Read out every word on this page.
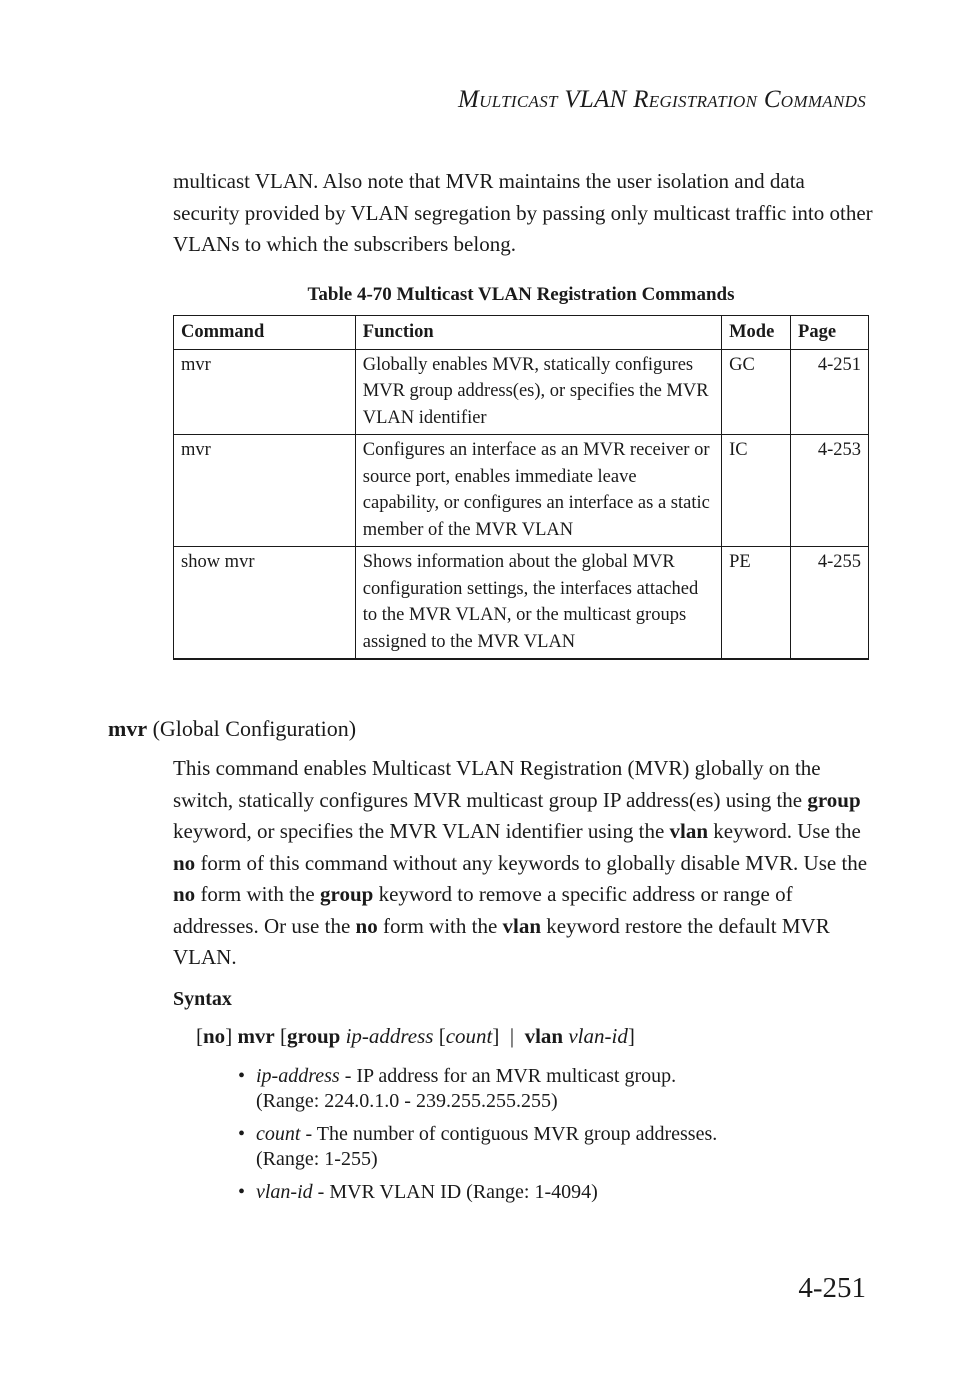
MULTICAST VLAN REGISTRATION COMMANDS

multicast VLAN. Also note that MVR maintains the user isolation and data security provided by VLAN segregation by passing only multicast traffic into other VLANs to which the subscribers belong.

Table 4-70 Multicast VLAN Registration Commands
Command	Function	Mode	Page
mvr	Globally enables MVR, statically configures MVR group address(es), or specifies the MVR VLAN identifier	GC	4-251
mvr	Configures an interface as an MVR receiver or source port, enables immediate leave capability, or configures an interface as a static member of the MVR VLAN	IC	4-253
show mvr	Shows information about the global MVR configuration settings, the interfaces attached to the MVR VLAN, or the multicast groups assigned to the MVR VLAN	PE	4-255
mvr (Global Configuration)

This command enables Multicast VLAN Registration (MVR) globally on the switch, statically configures MVR multicast group IP address(es) using the group keyword, or specifies the MVR VLAN identifier using the vlan keyword. Use the no form of this command without any keywords to globally disable MVR. Use the no form with the group keyword to remove a specific address or range of addresses. Or use the no form with the vlan keyword restore the default MVR VLAN.

Syntax
[no] mvr [group ip-address [count]  |  vlan vlan-id]
• ip-address - IP address for an MVR multicast group.
(Range: 224.0.1.0 - 239.255.255.255)
• count - The number of contiguous MVR group addresses.
(Range: 1-255)
• vlan-id - MVR VLAN ID (Range: 1-4094)
4-251
